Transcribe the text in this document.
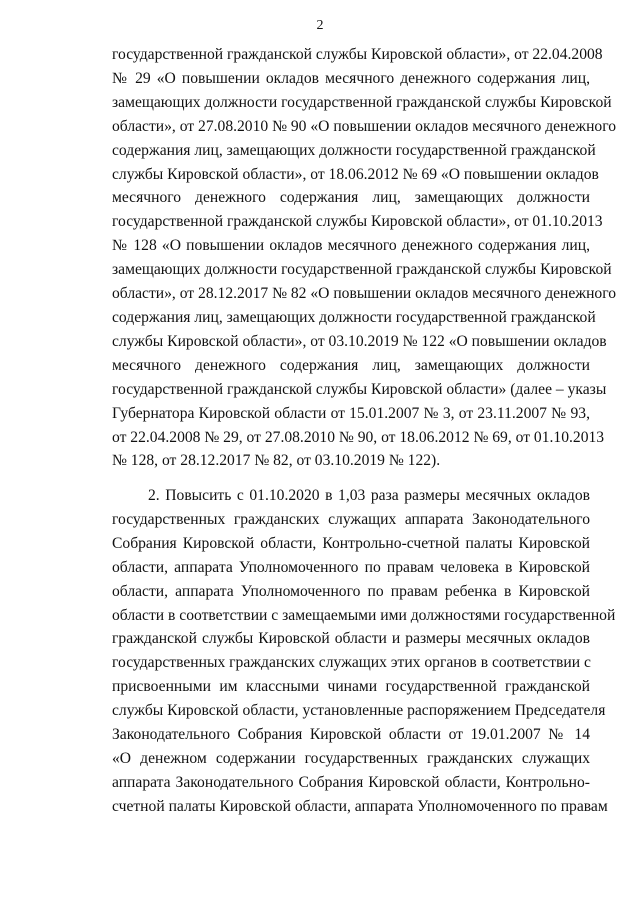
2
государственной гражданской службы Кировской области», от 22.04.2008
№ 29 «О повышении окладов месячного денежного содержания лиц,
замещающих должности государственной гражданской службы Кировской
области», от 27.08.2010 № 90 «О повышении окладов месячного денежного
содержания лиц, замещающих должности государственной гражданской
службы Кировской области», от 18.06.2012 № 69 «О повышении окладов
месячного денежного содержания лиц, замещающих должности
государственной гражданской службы Кировской области», от 01.10.2013
№ 128 «О повышении окладов месячного денежного содержания лиц,
замещающих должности государственной гражданской службы Кировской
области», от 28.12.2017 № 82 «О повышении окладов месячного денежного
содержания лиц, замещающих должности государственной гражданской
службы Кировской области», от 03.10.2019 № 122 «О повышении окладов
месячного денежного содержания лиц, замещающих должности
государственной гражданской службы Кировской области» (далее – указы
Губернатора Кировской области от 15.01.2007 № 3, от 23.11.2007 № 93,
от 22.04.2008 № 29, от 27.08.2010 № 90, от 18.06.2012 № 69, от 01.10.2013
№ 128, от 28.12.2017 № 82, от 03.10.2019 № 122).
2. Повысить с 01.10.2020 в 1,03 раза размеры месячных окладов
государственных гражданских служащих аппарата Законодательного
Собрания Кировской области, Контрольно-счетной палаты Кировской
области, аппарата Уполномоченного по правам человека в Кировской
области, аппарата Уполномоченного по правам ребенка в Кировской
области в соответствии с замещаемыми ими должностями государственной
гражданской службы Кировской области и размеры месячных окладов
государственных гражданских служащих этих органов в соответствии с
присвоенными им классными чинами государственной гражданской
службы Кировской области, установленные распоряжением Председателя
Законодательного Собрания Кировской области от 19.01.2007 № 14
«О денежном содержании государственных гражданских служащих
аппарата Законодательного Собрания Кировской области, Контрольно-
счетной палаты Кировской области, аппарата Уполномоченного по правам
